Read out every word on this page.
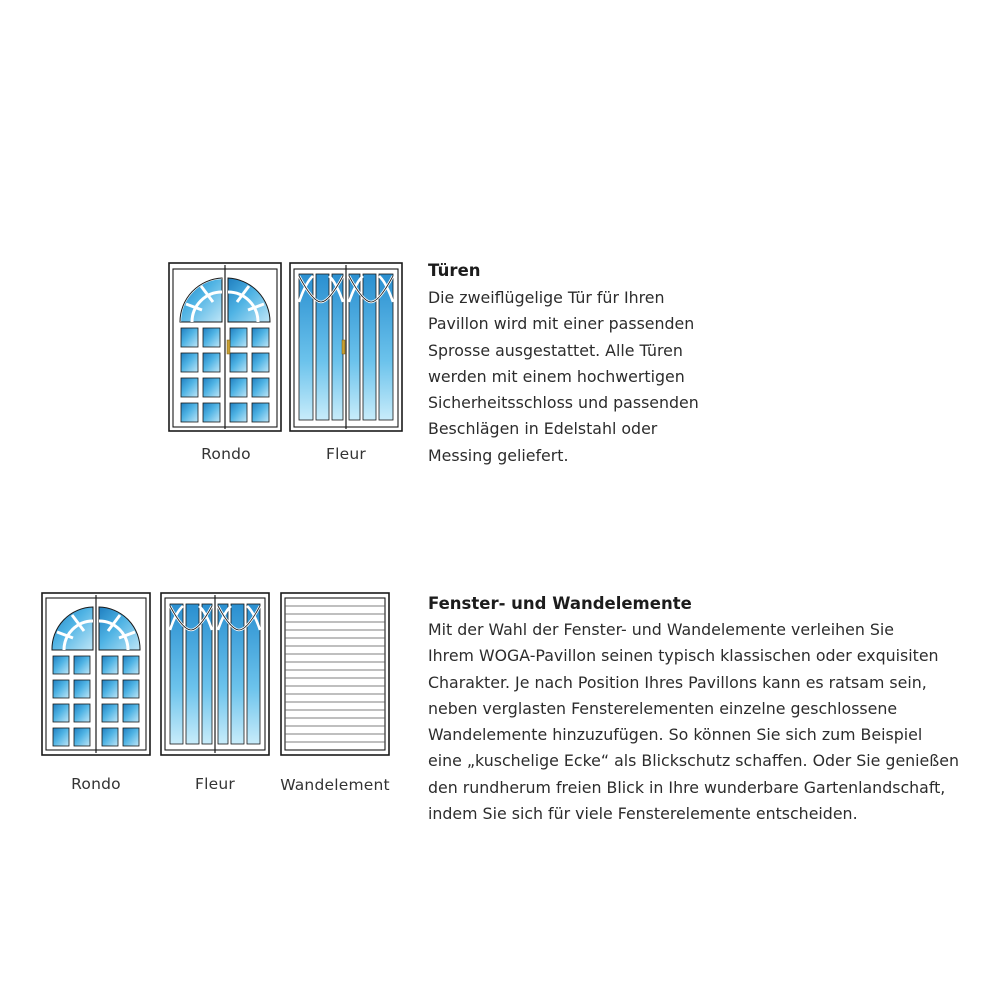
Rondo	Fleur
Türen
Die zweiflügelige Tür für Ihren
Pavillon wird mit einer passenden
Sprosse ausgestattet. Alle Türen
werden mit einem hochwertigen
Sicherheitsschloss und passenden
Beschlägen in Edelstahl oder
Messing geliefert.
Rondo	Fleur	Wandelement
Fenster- und Wandelemente
Mit der Wahl der Fenster- und Wandelemente verleihen Sie
Ihrem WOGA-Pavillon seinen typisch klassischen oder exquisiten
Charakter. Je nach Position Ihres Pavillons kann es ratsam sein,
neben verglasten Fensterelementen einzelne geschlossene
Wandelemente hinzuzufügen. So können Sie sich zum Beispiel
eine „kuschelige Ecke“ als Blickschutz schaffen. Oder Sie genießen
den rundherum freien Blick in Ihre wunderbare Gartenlandschaft,
indem Sie sich für viele Fensterelemente entscheiden.
